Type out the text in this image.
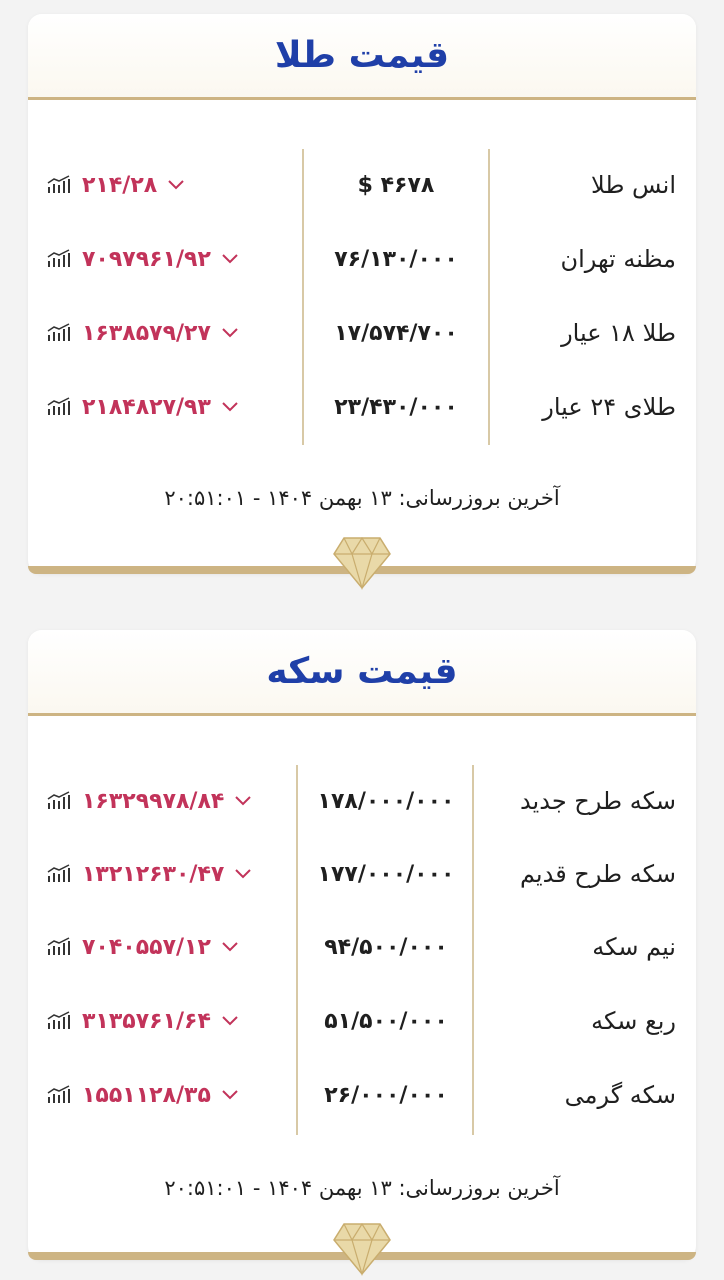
قیمت طلا
انس طلا
$ ۴۶۷۸
۲۱۴/۲۸
مظنه تهران
۷۶/۱۳۰/۰۰۰
۷۰۹۷۹۶۱/۹۲
طلا ۱۸ عیار
۱۷/۵۷۴/۷۰۰
۱۶۳۸۵۷۹/۲۷
طلای ۲۴ عیار
۲۳/۴۳۰/۰۰۰
۲۱۸۴۸۲۷/۹۳
آخرین بروزرسانی: ۱۳ بهمن ۱۴۰۴ - ۲۰:۵۱:۰۱
قیمت سکه
سکه طرح جدید
۱۷۸/۰۰۰/۰۰۰
۱۶۳۲۹۹۷۸/۸۴
سکه طرح قدیم
۱۷۷/۰۰۰/۰۰۰
۱۳۲۱۲۶۳۰/۴۷
نیم سکه
۹۴/۵۰۰/۰۰۰
۷۰۴۰۵۵۷/۱۲
ربع سکه
۵۱/۵۰۰/۰۰۰
۳۱۳۵۷۶۱/۶۴
سکه گرمی
۲۶/۰۰۰/۰۰۰
۱۵۵۱۱۲۸/۳۵
آخرین بروزرسانی: ۱۳ بهمن ۱۴۰۴ - ۲۰:۵۱:۰۱
